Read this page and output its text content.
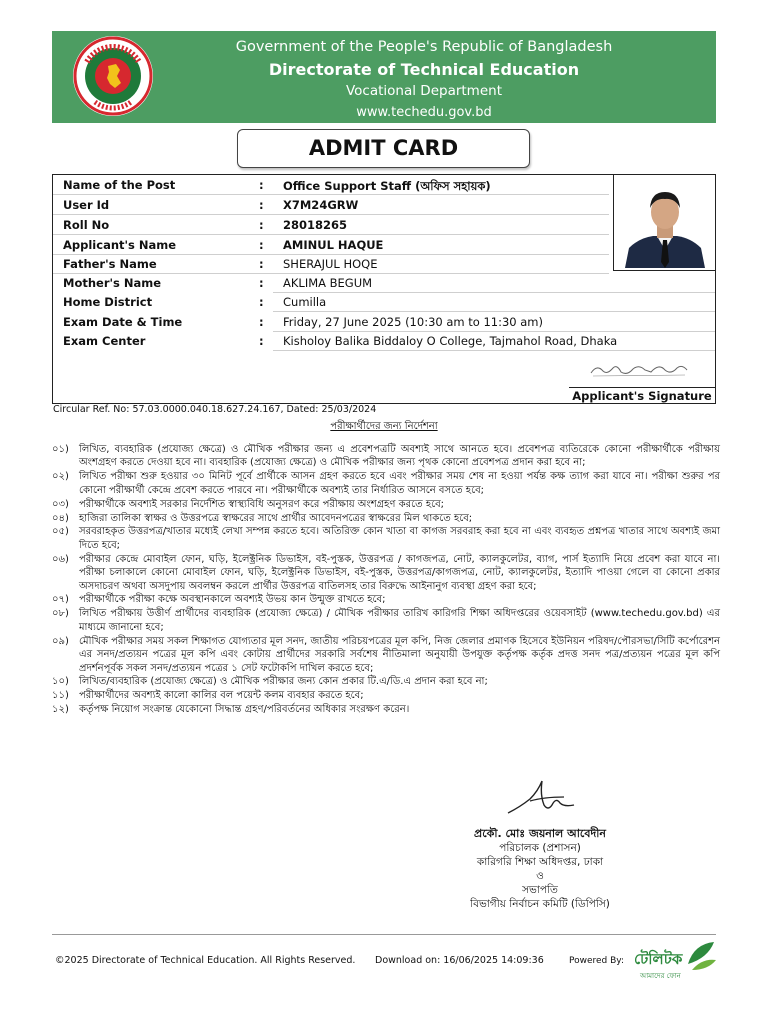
Government of the People's Republic of Bangladesh
Directorate of Technical Education
Vocational Department
www.techedu.gov.bd
ADMIT CARD
Name of the Post	: Office Support Staff (অফিস সহায়ক)
User Id	: X7M24GRW
Roll No	: 28018265
Applicant's Name	: AMINUL HAQUE
Father's Name	: SHERAJUL HOQE
Mother's Name	: AKLIMA BEGUM
Home District	: Cumilla
Exam Date & Time	: Friday, 27 June 2025 (10:30 am to 11:30 am)
Exam Center	: Kisholoy Balika Biddaloy O College, Tajmahol Road, Dhaka
Applicant's Signature
Circular Ref. No: 57.03.0000.040.18.627.24.167, Dated: 25/03/2024
পরীক্ষার্থীদের জন্য নির্দেশনা
০১) লিখিত, ব্যবহারিক (প্রযোজ্য ক্ষেত্রে) ও মৌখিক পরীক্ষার জন্য এ প্রবেশপত্রটি অবশ্যই সাথে আনতে হবে। প্রবেশপত্র ব্যতিরেকে কোনো পরীক্ষার্থীকে পরীক্ষায় অংশগ্রহণ করতে দেওয়া হবে না। ব্যবহারিক (প্রযোজ্য ক্ষেত্রে) ও মৌখিক পরীক্ষার জন্য পৃথক কোনো প্রবেশপত্র প্রদান করা হবে না;
০২) লিখিত পরীক্ষা শুরু হওয়ার ৩০ মিনিট পূর্বে প্রার্থীকে আসন গ্রহণ করতে হবে এবং পরীক্ষার সময় শেষ না হওয়া পর্যন্ত কক্ষ ত্যাগ করা যাবে না। পরীক্ষা শুরুর পর কোনো পরীক্ষার্থী কেন্দ্রে প্রবেশ করতে পারবে না। পরীক্ষার্থীকে অবশ্যই তার নির্ধারিত আসনে বসতে হবে;
০৩) পরীক্ষার্থীকে অবশ্যই সরকার নির্দেশিত স্বাস্থ্যবিধি অনুসরণ করে পরীক্ষায় অংশগ্রহণ করতে হবে;
০৪) হাজিরা তালিকা স্বাক্ষর ও উত্তরপত্রে স্বাক্ষরের সাথে প্রার্থীর আবেদনপত্রের স্বাক্ষরের মিল থাকতে হবে;
০৫) সরবরাহকৃত উত্তরপত্র/খাতার মধ্যেই লেখা সম্পন্ন করতে হবে। অতিরিক্ত কোন খাতা বা কাগজ সরবরাহ করা হবে না এবং ব্যবহৃত প্রশ্নপত্র খাতার সাথে অবশ্যই জমা দিতে হবে;
০৬) পরীক্ষার কেন্দ্রে মোবাইল ফোন, ঘড়ি, ইলেক্ট্রনিক ডিভাইস, বই-পুস্তক, উত্তরপত্র / কাগজপত্র, নোট, ক্যালকুলেটর, ব্যাগ, পার্স ইত্যাদি নিয়ে প্রবেশ করা যাবে না। পরীক্ষা চলাকালে কোনো মোবাইল ফোন, ঘড়ি, ইলেক্ট্রনিক ডিভাইস, বই-পুস্তক, উত্তরপত্র/কাগজপত্র, নোট, ক্যালকুলেটর, ইত্যাদি পাওয়া গেলে বা কোনো প্রকার অসদাচরণ অথবা অসদুপায় অবলম্বন করলে প্রার্থীর উত্তরপত্র বাতিলসহ তার বিরুদ্ধে আইনানুগ ব্যবস্থা গ্রহণ করা হবে;
০৭) পরীক্ষার্থীকে পরীক্ষা কক্ষে অবস্থানকালে অবশ্যই উভয় কান উন্মুক্ত রাখতে হবে;
০৮) লিখিত পরীক্ষায় উত্তীর্ণ প্রার্থীদের ব্যবহারিক (প্রযোজ্য ক্ষেত্রে) / মৌখিক পরীক্ষার তারিখ কারিগরি শিক্ষা অধিদপ্তরের ওয়েবসাইট (www.techedu.gov.bd) এর মাধ্যমে জানানো হবে;
০৯) মৌখিক পরীক্ষার সময় সকল শিক্ষাগত যোগ্যতার মূল সনদ, জাতীয় পরিচয়পত্রের মূল কপি, নিজ জেলার প্রমাণক হিসেবে ইউনিয়ন পরিষদ/পৌরসভা/সিটি কর্পোরেশন এর সনদ/প্রত্যয়ন পত্রের মূল কপি এবং কোটায় প্রার্থীদের সরকারি সর্বশেষ নীতিমালা অনুযায়ী উপযুক্ত কর্তৃপক্ষ কর্তৃক প্রদত্ত সনদ পত্র/প্রত্যয়ন পত্রের মূল কপি প্রদর্শনপূর্বক সকল সনদ/প্রত্যয়ন পত্রের ১ সেট ফটোকপি দাখিল করতে হবে;
১০) লিখিত/ব্যবহারিক (প্রযোজ্য ক্ষেত্রে) ও মৌখিক পরীক্ষার জন্য কোন প্রকার টি.এ/ডি.এ প্রদান করা হবে না;
১১) পরীক্ষার্থীদের অবশ্যই কালো কালির বল পয়েন্ট কলম ব্যবহার করতে হবে;
১২) কর্তৃপক্ষ নিয়োগ সংক্রান্ত যেকোনো সিদ্ধান্ত গ্রহণ/পরিবর্তনের অধিকার সংরক্ষণ করেন।
প্রকৌ. মোঃ জয়নাল আবেদীন
পরিচালক (প্রশাসন)
কারিগরি শিক্ষা অধিদপ্তর, ঢাকা
ও
সভাপতি
বিভাগীয় নির্বাচন কমিটি (ডিপিসি)
©2025 Directorate of Technical Education. All Rights Reserved. Download on: 16/06/2025 14:09:36	Powered By: টেলিটক
আমাদের ফোন
